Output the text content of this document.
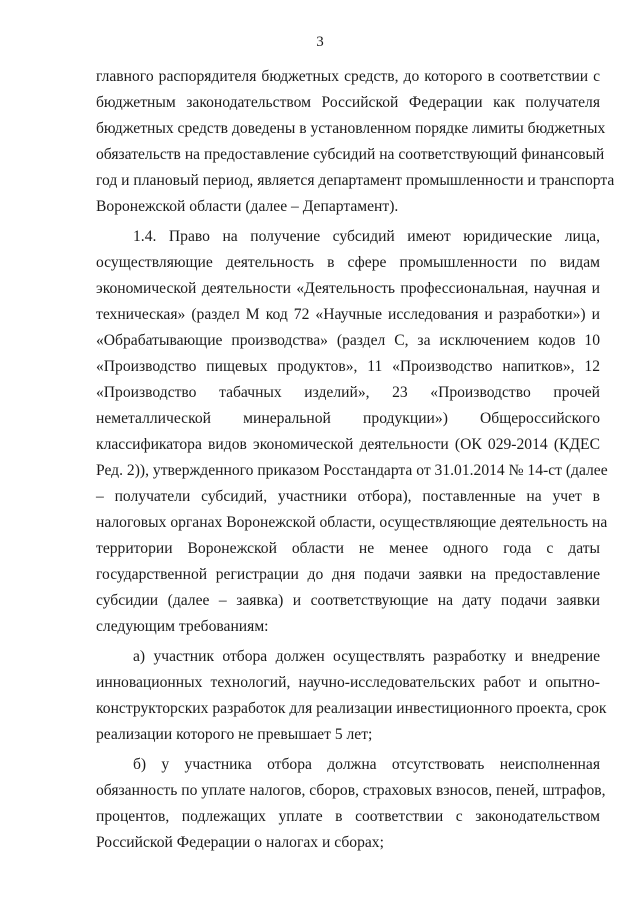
3
главного распорядителя бюджетных средств, до которого в соответствии с
бюджетным законодательством Российской Федерации как получателя
бюджетных средств доведены в установленном порядке лимиты бюджетных
обязательств на предоставление субсидий на соответствующий финансовый
год и плановый период, является департамент промышленности и транспорта
Воронежской области (далее – Департамент).
1.4. Право на получение субсидий имеют юридические лица,
осуществляющие деятельность в сфере промышленности по видам
экономической деятельности «Деятельность профессиональная, научная и
техническая» (раздел M код 72 «Научные исследования и разработки») и
«Обрабатывающие производства» (раздел C, за исключением кодов 10
«Производство пищевых продуктов», 11 «Производство напитков», 12
«Производство табачных изделий», 23 «Производство прочей
неметаллической минеральной продукции») Общероссийского
классификатора видов экономической деятельности (ОК 029-2014 (КДЕС
Ред. 2)), утвержденного приказом Росстандарта от 31.01.2014 № 14-ст (далее
– получатели субсидий, участники отбора), поставленные на учет в
налоговых органах Воронежской области, осуществляющие деятельность на
территории Воронежской области не менее одного года с даты
государственной регистрации до дня подачи заявки на предоставление
субсидии (далее – заявка) и соответствующие на дату подачи заявки
следующим требованиям:
а) участник отбора должен осуществлять разработку и внедрение
инновационных технологий, научно-исследовательских работ и опытно-
конструкторских разработок для реализации инвестиционного проекта, срок
реализации которого не превышает 5 лет;
б) у участника отбора должна отсутствовать неисполненная
обязанность по уплате налогов, сборов, страховых взносов, пеней, штрафов,
процентов, подлежащих уплате в соответствии с законодательством
Российской Федерации о налогах и сборах;
